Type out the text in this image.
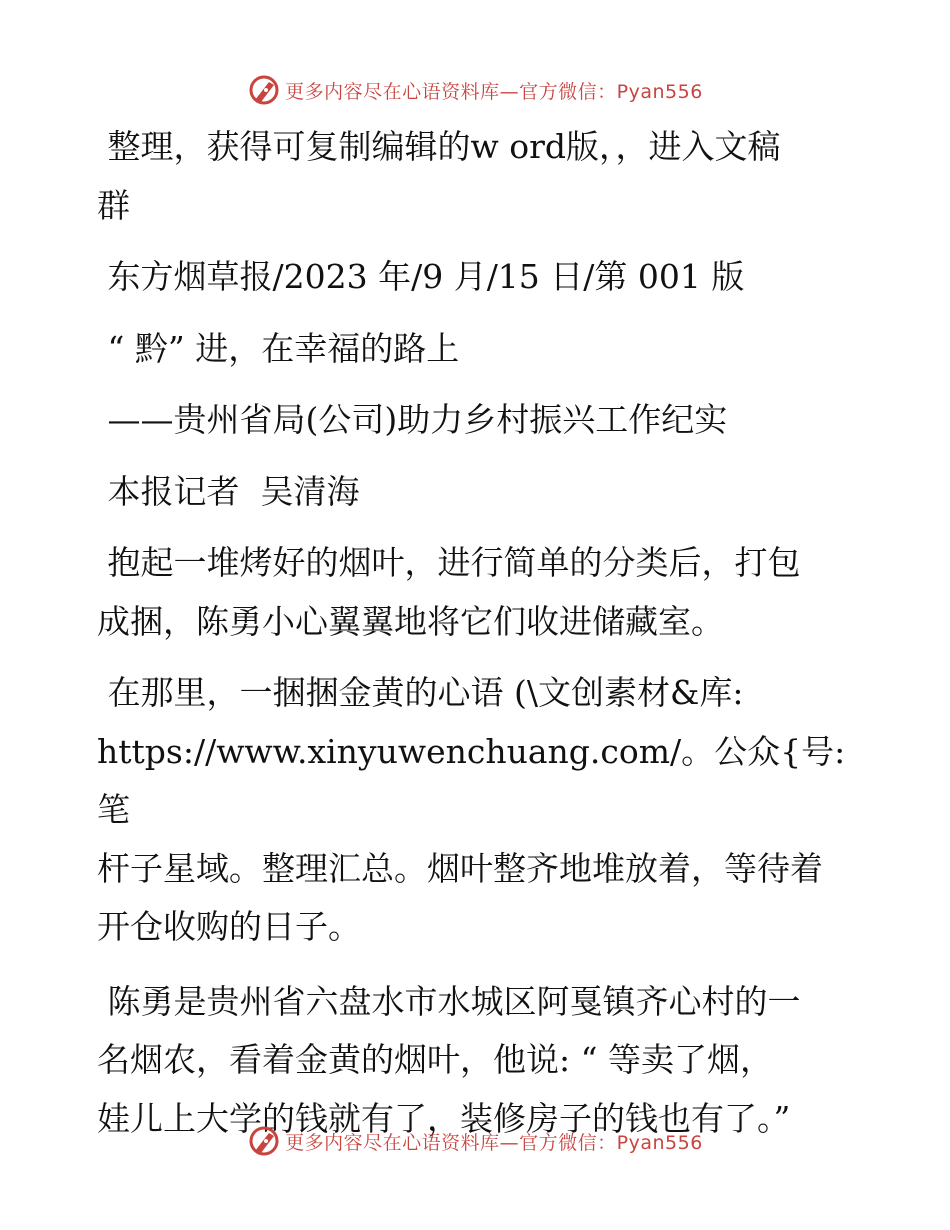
更多内容尽在心语资料库—官方微信：Pyan556

整理，获得可复制编辑的w ord版，，进入文稿
群

东方烟草报/2023 年/9 月/15 日/第 001 版

“ 黔” 进，在幸福的路上

——贵州省局(公司)助力乡村振兴工作纪实

本报记者  吴清海

抱起一堆烤好的烟叶，进行简单的分类后，打包
成捆，陈勇小心翼翼地将它们收进储藏室。

在那里，一捆捆金黄的心语 (\文创素材&库:
https://www.xinyuwenchuang.com/。公众{号: 笔
杆子星域。整理汇总。烟叶整齐地堆放着，等待着
开仓收购的日子。

陈勇是贵州省六盘水市水城区阿戛镇齐心村的一
名烟农，看着金黄的烟叶，他说: “ 等卖了烟，
娃儿上大学的钱就有了，装修房子的钱也有了。”

更多内容尽在心语资料库—官方微信：Pyan556
